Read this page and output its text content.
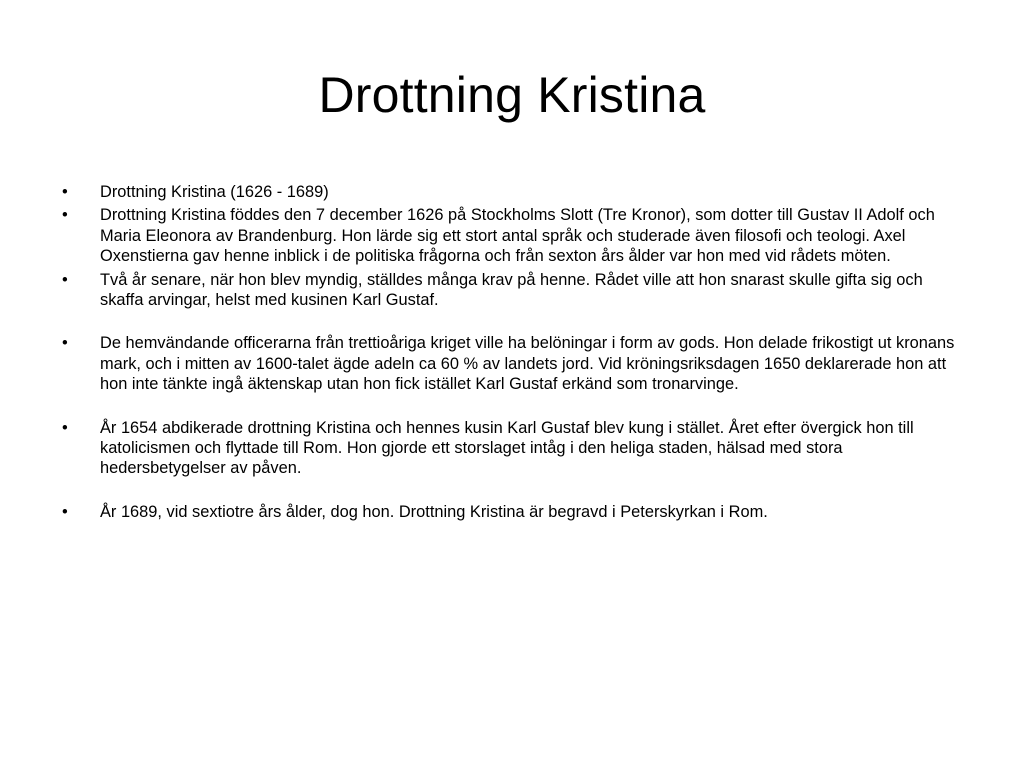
Drottning Kristina
•	Drottning Kristina (1626 - 1689)
•	Drottning Kristina föddes den 7 december 1626 på Stockholms Slott (Tre Kronor), som dotter till Gustav II Adolf och Maria Eleonora av Brandenburg. Hon lärde sig ett stort antal språk och studerade även filosofi och teologi. Axel Oxenstierna gav henne inblick i de politiska frågorna och från sexton års ålder var hon med vid rådets möten.
•	Två år senare, när hon blev myndig, ställdes många krav på henne. Rådet ville att hon snarast skulle gifta sig och skaffa arvingar, helst med kusinen Karl Gustaf.
•	De hemvändande officerarna från trettioåriga kriget ville ha belöningar i form av gods. Hon delade frikostigt ut kronans mark, och i mitten av 1600-talet ägde adeln ca 60 % av landets jord. Vid kröningsriksdagen 1650 deklarerade hon att hon inte tänkte ingå äktenskap utan hon fick istället Karl Gustaf erkänd som tronarvinge.
•	År 1654 abdikerade drottning Kristina och hennes kusin Karl Gustaf blev kung i stället. Året efter övergick hon till katolicismen och flyttade till Rom. Hon gjorde ett storslaget intåg i den heliga staden, hälsad med stora hedersbetygelser av påven.
•	År 1689, vid sextiotre års ålder, dog hon. Drottning Kristina är begravd i Peterskyrkan i Rom.
